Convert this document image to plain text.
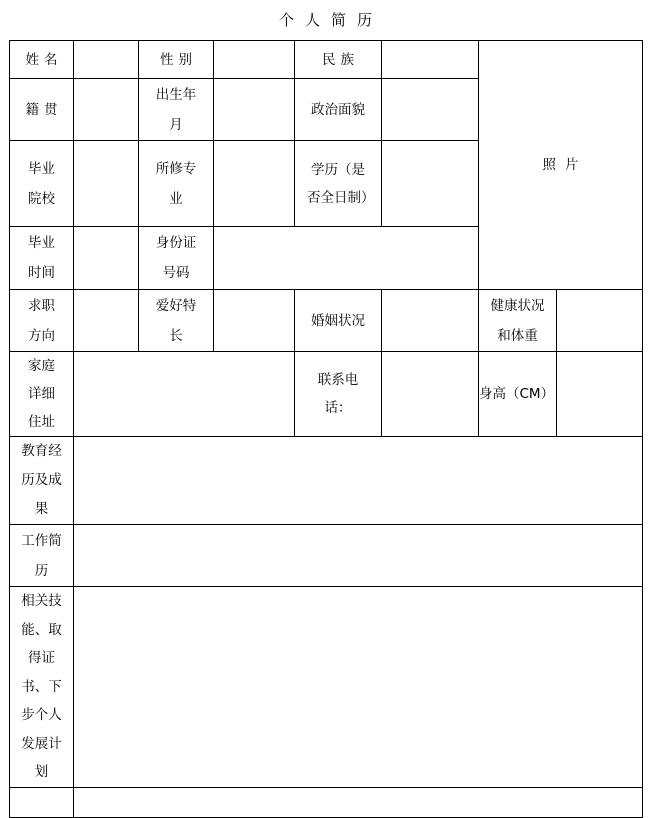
个人简历
姓名		性别		民族		照片	
籍贯		出生年月		政治面貌			
毕业院校		所修专业		学历（是否全日制）			
毕业时间		身份证号码					
求职方向		爱好特长		婚姻状况		健康状况和体重	
家庭详细住址				联系电话：		身高（CM）	
教育经历及成果							
工作简历							
相关技能、取得证书、下步个人发展计划							
